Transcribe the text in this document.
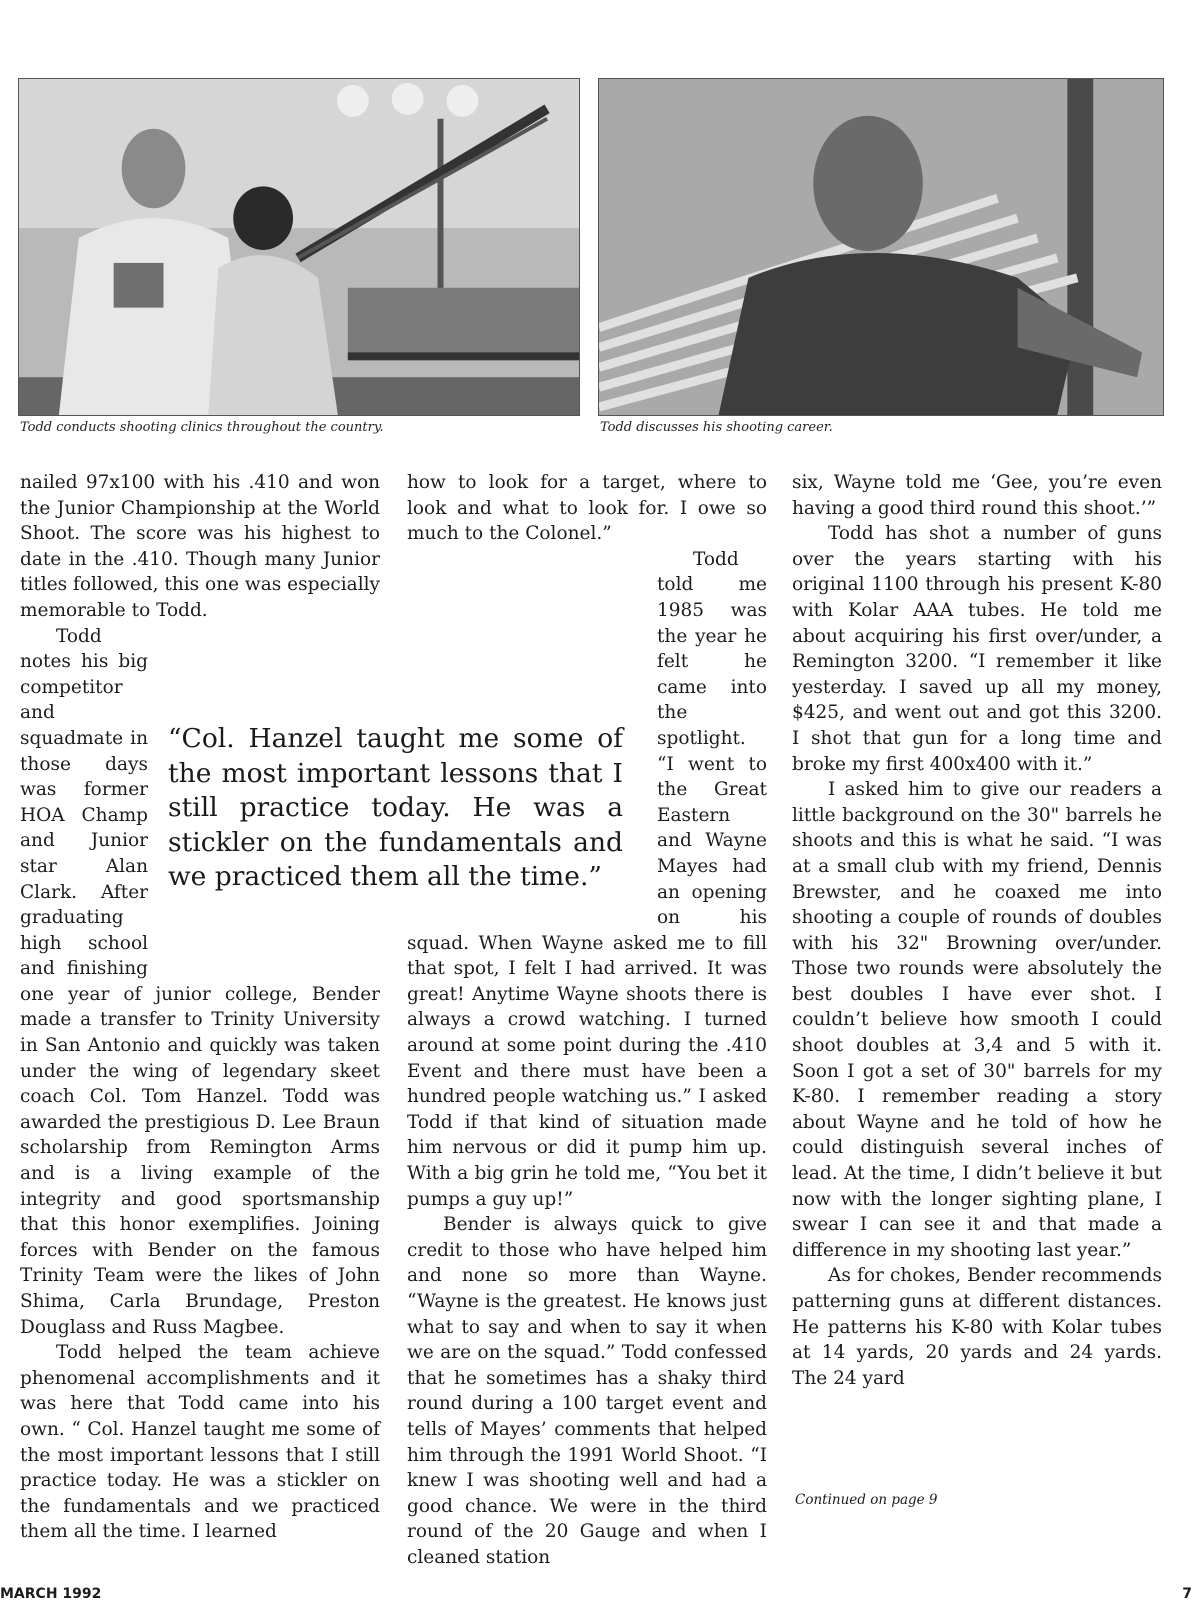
Todd conducts shooting clinics throughout the country.	Todd discusses his shooting career.

nailed 97x100 with his .410 and won the Junior Championship at the World Shoot. The score was his highest to date in the .410. Though many Junior titles followed, this one was especially memorable to Todd.

Todd notes his big competitor and squadmate in those days was former HOA Champ and Junior star Alan Clark. After graduating high school and finishing one year of junior college, Bender made a transfer to Trinity University in San Antonio and quickly was taken under the wing of legendary skeet coach Col. Tom Hanzel. Todd was awarded the prestigious D. Lee Braun scholarship from Remington Arms and is a living example of the integrity and good sportsmanship that this honor exemplifies. Joining forces with Bender on the famous Trinity Team were the likes of John Shima, Carla Brundage, Preston Douglass and Russ Magbee.

Todd helped the team achieve phenomenal accomplishments and it was here that Todd came into his own. “ Col. Hanzel taught me some of the most important lessons that I still practice today. He was a stickler on the fundamentals and we practiced them all the time. I learned

how to look for a target, where to look and what to look for. I owe so much to the Colonel.”

Todd told me 1985 was the year he felt he came into the spotlight. “I went to the Great Eastern and Wayne Mayes had an opening on his squad. When Wayne asked me to fill that spot, I felt I had arrived. It was great! Anytime Wayne shoots there is always a crowd watching. I turned around at some point during the .410 Event and there must have been a hundred people watching us.” I asked Todd if that kind of situation made him nervous or did it pump him up. With a big grin he told me, “You bet it pumps a guy up!”

Bender is always quick to give credit to those who have helped him and none so more than Wayne. “Wayne is the greatest. He knows just what to say and when to say it when we are on the squad.” Todd confessed that he sometimes has a shaky third round during a 100 target event and tells of Mayes’ comments that helped him through the 1991 World Shoot. “I knew I was shooting well and had a good chance. We were in the third round of the 20 Gauge and when I cleaned station

six, Wayne told me ‘Gee, you’re even having a good third round this shoot.’”

Todd has shot a number of guns over the years starting with his original 1100 through his present K-80 with Kolar AAA tubes. He told me about acquiring his first over/under, a Remington 3200. “I remember it like yesterday. I saved up all my money, $425, and went out and got this 3200. I shot that gun for a long time and broke my first 400x400 with it.”

I asked him to give our readers a little background on the 30" barrels he shoots and this is what he said. “I was at a small club with my friend, Dennis Brewster, and he coaxed me into shooting a couple of rounds of doubles with his 32" Browning over/under. Those two rounds were absolutely the best doubles I have ever shot. I couldn’t believe how smooth I could shoot doubles at 3,4 and 5 with it. Soon I got a set of 30" barrels for my K-80. I remember reading a story about Wayne and he told of how he could distinguish several inches of lead. At the time, I didn’t believe it but now with the longer sighting plane, I swear I can see it and that made a difference in my shooting last year.”

As for chokes, Bender recommends patterning guns at different distances. He patterns his K-80 with Kolar tubes at 14 yards, 20 yards and 24 yards. The 24 yard

“Col. Hanzel taught me some of the most important lessons that I still practice today. He was a stickler on the fundamentals and we practiced them all the time.”
Continued on page 9
MARCH 1992	7
